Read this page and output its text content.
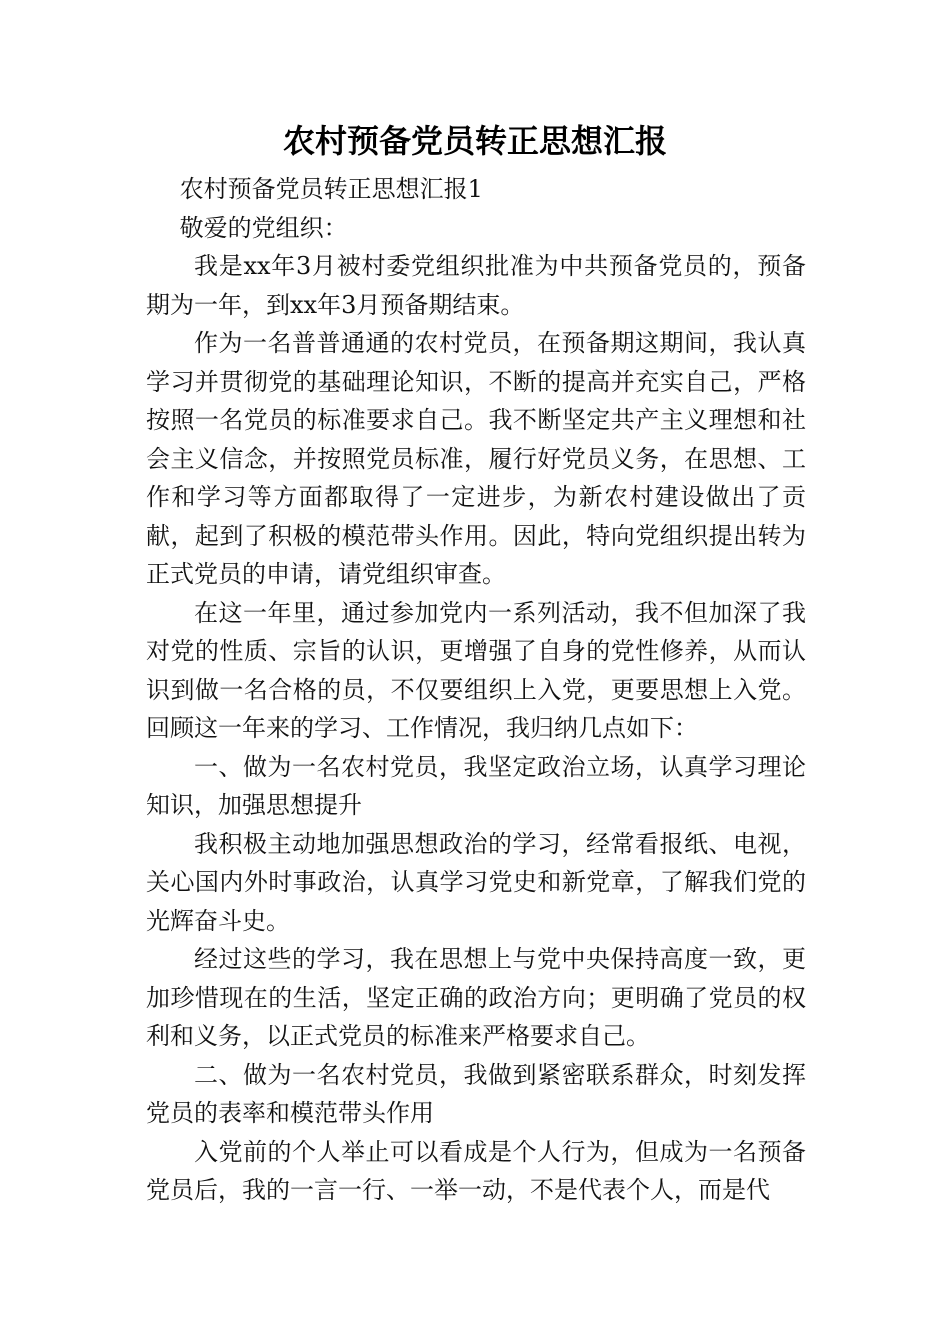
农村预备党员转正思想汇报

农村预备党员转正思想汇报1

敬爱的党组织：

我是xx年3月被村委党组织批准为中共预备党员的，预备期为一年，到xx年3月预备期结束。

作为一名普普通通的农村党员，在预备期这期间，我认真学习并贯彻党的基础理论知识，不断的提高并充实自己，严格按照一名党员的标准要求自己。我不断坚定共产主义理想和社会主义信念，并按照党员标准，履行好党员义务，在思想、工作和学习等方面都取得了一定进步，为新农村建设做出了贡献，起到了积极的模范带头作用。因此，特向党组织提出转为正式党员的申请，请党组织审查。

在这一年里，通过参加党内一系列活动，我不但加深了我对党的性质、宗旨的认识，更增强了自身的党性修养，从而认识到做一名合格的员，不仅要组织上入党，更要思想上入党。回顾这一年来的学习、工作情况，我归纳几点如下：

一、做为一名农村党员，我坚定政治立场，认真学习理论知识，加强思想提升

我积极主动地加强思想政治的学习，经常看报纸、电视，关心国内外时事政治，认真学习党史和新党章，了解我们党的光辉奋斗史。

经过这些的学习，我在思想上与党中央保持高度一致，更加珍惜现在的生活，坚定正确的政治方向；更明确了党员的权利和义务，以正式党员的标准来严格要求自己。

二、做为一名农村党员，我做到紧密联系群众，时刻发挥党员的表率和模范带头作用

入党前的个人举止可以看成是个人行为，但成为一名预备党员后，我的一言一行、一举一动，不是代表个人，而是代
